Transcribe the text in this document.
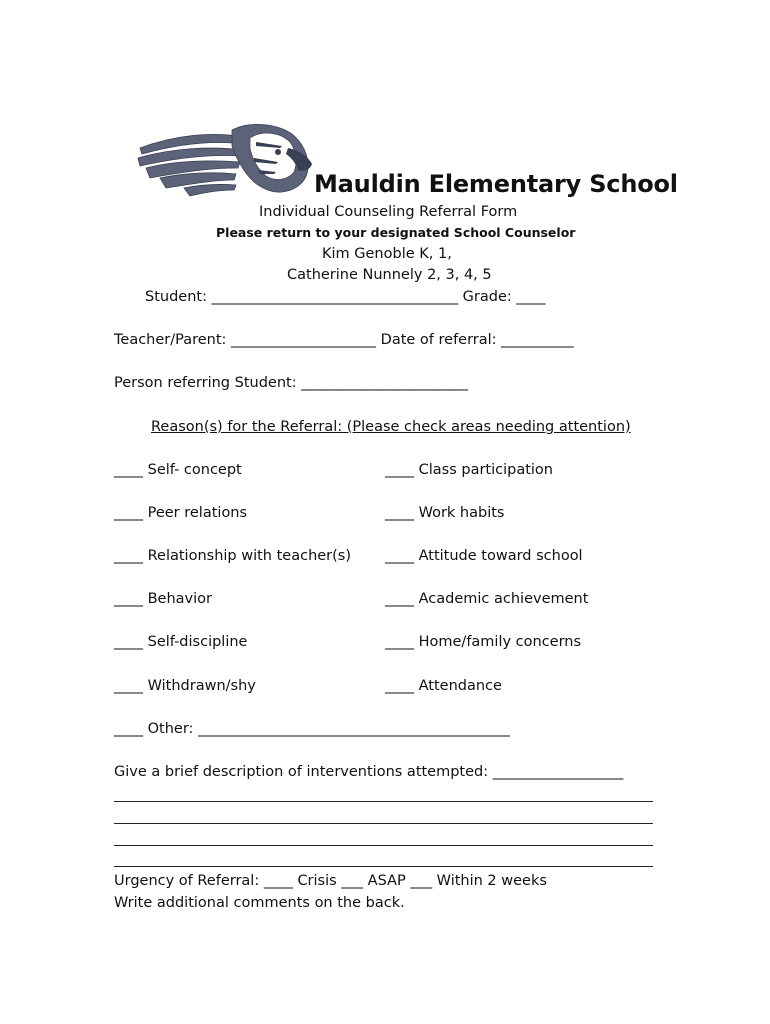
Mauldin Elementary School
Individual Counseling Referral Form
Please return to your designated School Counselor
Kim Genoble K, 1,
Catherine Nunnely 2, 3, 4, 5
Student: __________________________________ Grade: ____
Teacher/Parent: ____________________ Date of referral: __________
Person referring Student: _______________________
Reason(s) for the Referral: (Please check areas needing attention)
____ Self- concept
____ Peer relations
____ Relationship with teacher(s)
____ Behavior
____ Self-discipline
____ Withdrawn/shy
____ Class participation
____ Work habits
____ Attitude toward school
____ Academic achievement
____ Home/family concerns
____ Attendance
____ Other: ___________________________________________
Give a brief description of interventions attempted: __________________
Urgency of Referral: ____ Crisis ___ ASAP ___ Within 2 weeks
Write additional comments on the back.
